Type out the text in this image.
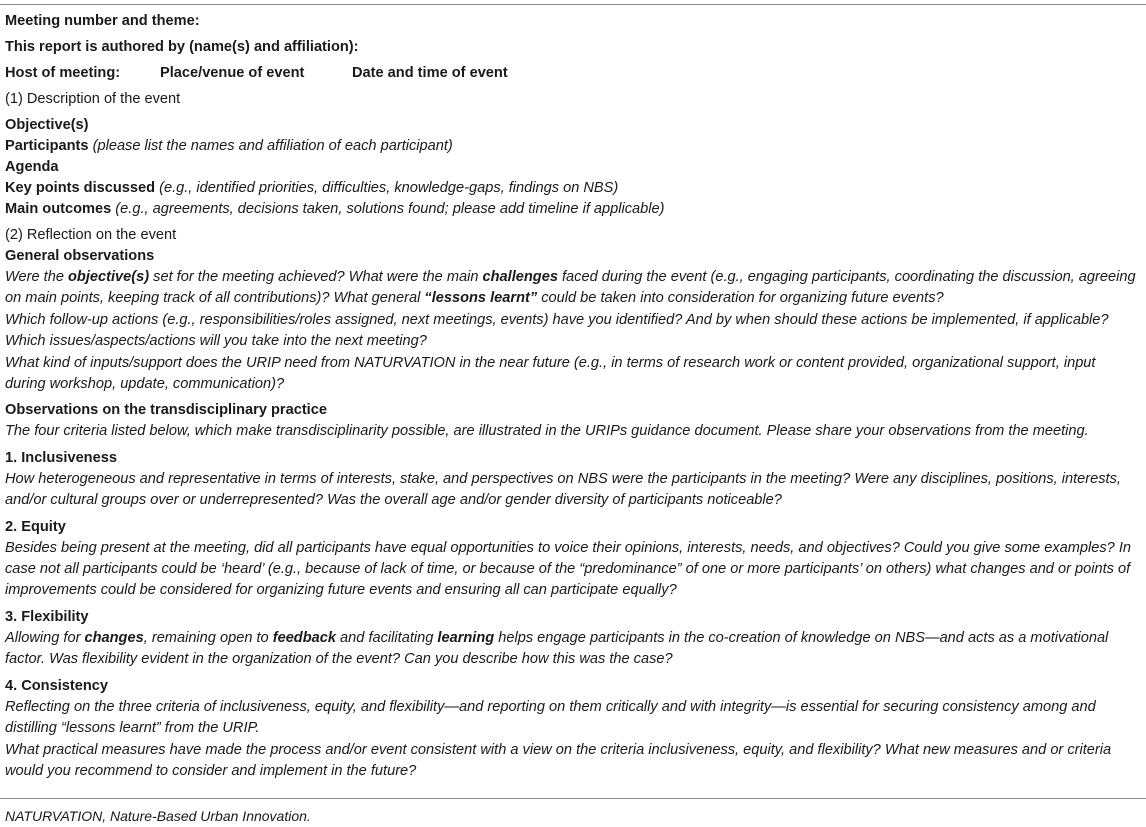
Meeting number and theme:
This report is authored by (name(s) and affiliation):
Host of meeting:	Place/venue of event	Date and time of event
(1) Description of the event
Objective(s)
Participants (please list the names and affiliation of each participant)
Agenda
Key points discussed (e.g., identified priorities, difficulties, knowledge-gaps, findings on NBS)
Main outcomes (e.g., agreements, decisions taken, solutions found; please add timeline if applicable)
(2) Reflection on the event
General observations
Were the objective(s) set for the meeting achieved? What were the main challenges faced during the event (e.g., engaging participants, coordinating the discussion, agreeing on main points, keeping track of all contributions)? What general “lessons learnt” could be taken into consideration for organizing future events?
Which follow-up actions (e.g., responsibilities/roles assigned, next meetings, events) have you identified? And by when should these actions be implemented, if applicable? Which issues/aspects/actions will you take into the next meeting?
What kind of inputs/support does the URIP need from NATURVATION in the near future (e.g., in terms of research work or content provided, organizational support, input during workshop, update, communication)?
Observations on the transdisciplinary practice
The four criteria listed below, which make transdisciplinarity possible, are illustrated in the URIPs guidance document. Please share your observations from the meeting.
1. Inclusiveness
How heterogeneous and representative in terms of interests, stake, and perspectives on NBS were the participants in the meeting? Were any disciplines, positions, interests, and/or cultural groups over or underrepresented? Was the overall age and/or gender diversity of participants noticeable?
2. Equity
Besides being present at the meeting, did all participants have equal opportunities to voice their opinions, interests, needs, and objectives? Could you give some examples? In case not all participants could be ‘heard’ (e.g., because of lack of time, or because of the “predominance” of one or more participants’ on others) what changes and or points of improvements could be considered for organizing future events and ensuring all can participate equally?
3. Flexibility
Allowing for changes, remaining open to feedback and facilitating learning helps engage participants in the co-creation of knowledge on NBS—and acts as a motivational factor. Was flexibility evident in the organization of the event? Can you describe how this was the case?
4. Consistency
Reflecting on the three criteria of inclusiveness, equity, and flexibility—and reporting on them critically and with integrity—is essential for securing consistency among and distilling “lessons learnt” from the URIP.
What practical measures have made the process and/or event consistent with a view on the criteria inclusiveness, equity, and flexibility? What new measures and or criteria would you recommend to consider and implement in the future?
NATURVATION, Nature-Based Urban Innovation.
